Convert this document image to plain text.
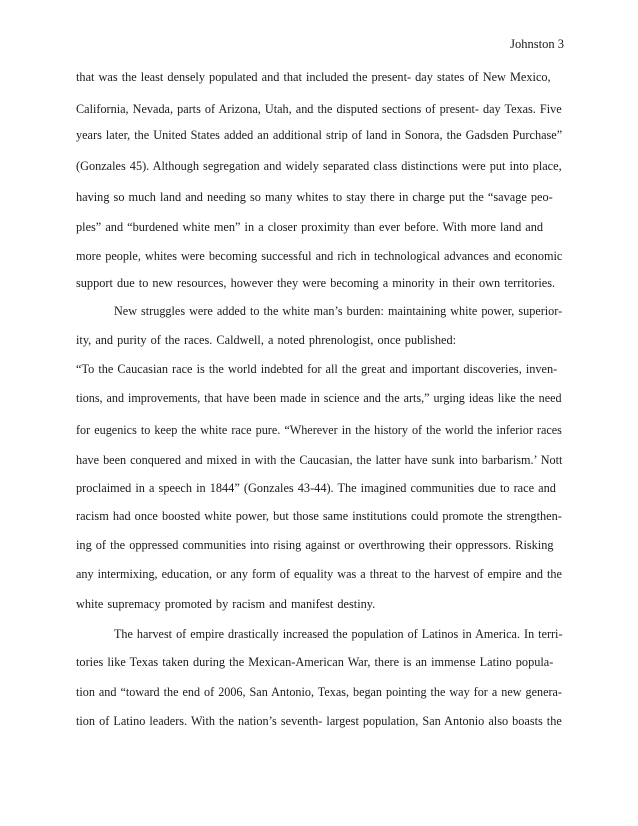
Johnston 3
that was the least densely populated and that included the present- day states of New Mexico,
California, Nevada, parts of Arizona, Utah, and the disputed sections of present- day Texas. Five
years later, the United States added an additional strip of land in Sonora, the Gadsden Purchase”
(Gonzales 45). Although segregation and widely separated class distinctions were put into place,
having so much land and needing so many whites to stay there in charge put the “savage peo-
ples” and “burdened white men” in a closer proximity than ever before. With more land and
more people, whites were becoming successful and rich in technological advances and economic
support due to new resources, however they were becoming a minority in their own territories.
New struggles were added to the white man’s burden: maintaining white power, superior-
ity, and purity of the races. Caldwell, a noted phrenologist, once published:
“To the Caucasian race is the world indebted for all the great and important discoveries, inven-
tions, and improvements, that have been made in science and the arts,” urging ideas like the need
for eugenics to keep the white race pure. “Wherever in the history of the world the inferior races
have been conquered and mixed in with the Caucasian, the latter have sunk into barbarism.’ Nott
proclaimed in a speech in 1844” (Gonzales 43-44). The imagined communities due to race and
racism had once boosted white power, but those same institutions could promote the strengthen-
ing of the oppressed communities into rising against or overthrowing their oppressors. Risking
any intermixing, education, or any form of equality was a threat to the harvest of empire and the
white supremacy promoted by racism and manifest destiny.
The harvest of empire drastically increased the population of Latinos in America. In terri-
tories like Texas taken during the Mexican-American War, there is an immense Latino popula-
tion and “toward the end of 2006, San Antonio, Texas, began pointing the way for a new genera-
tion of Latino leaders. With the nation’s seventh- largest population, San Antonio also boasts the
